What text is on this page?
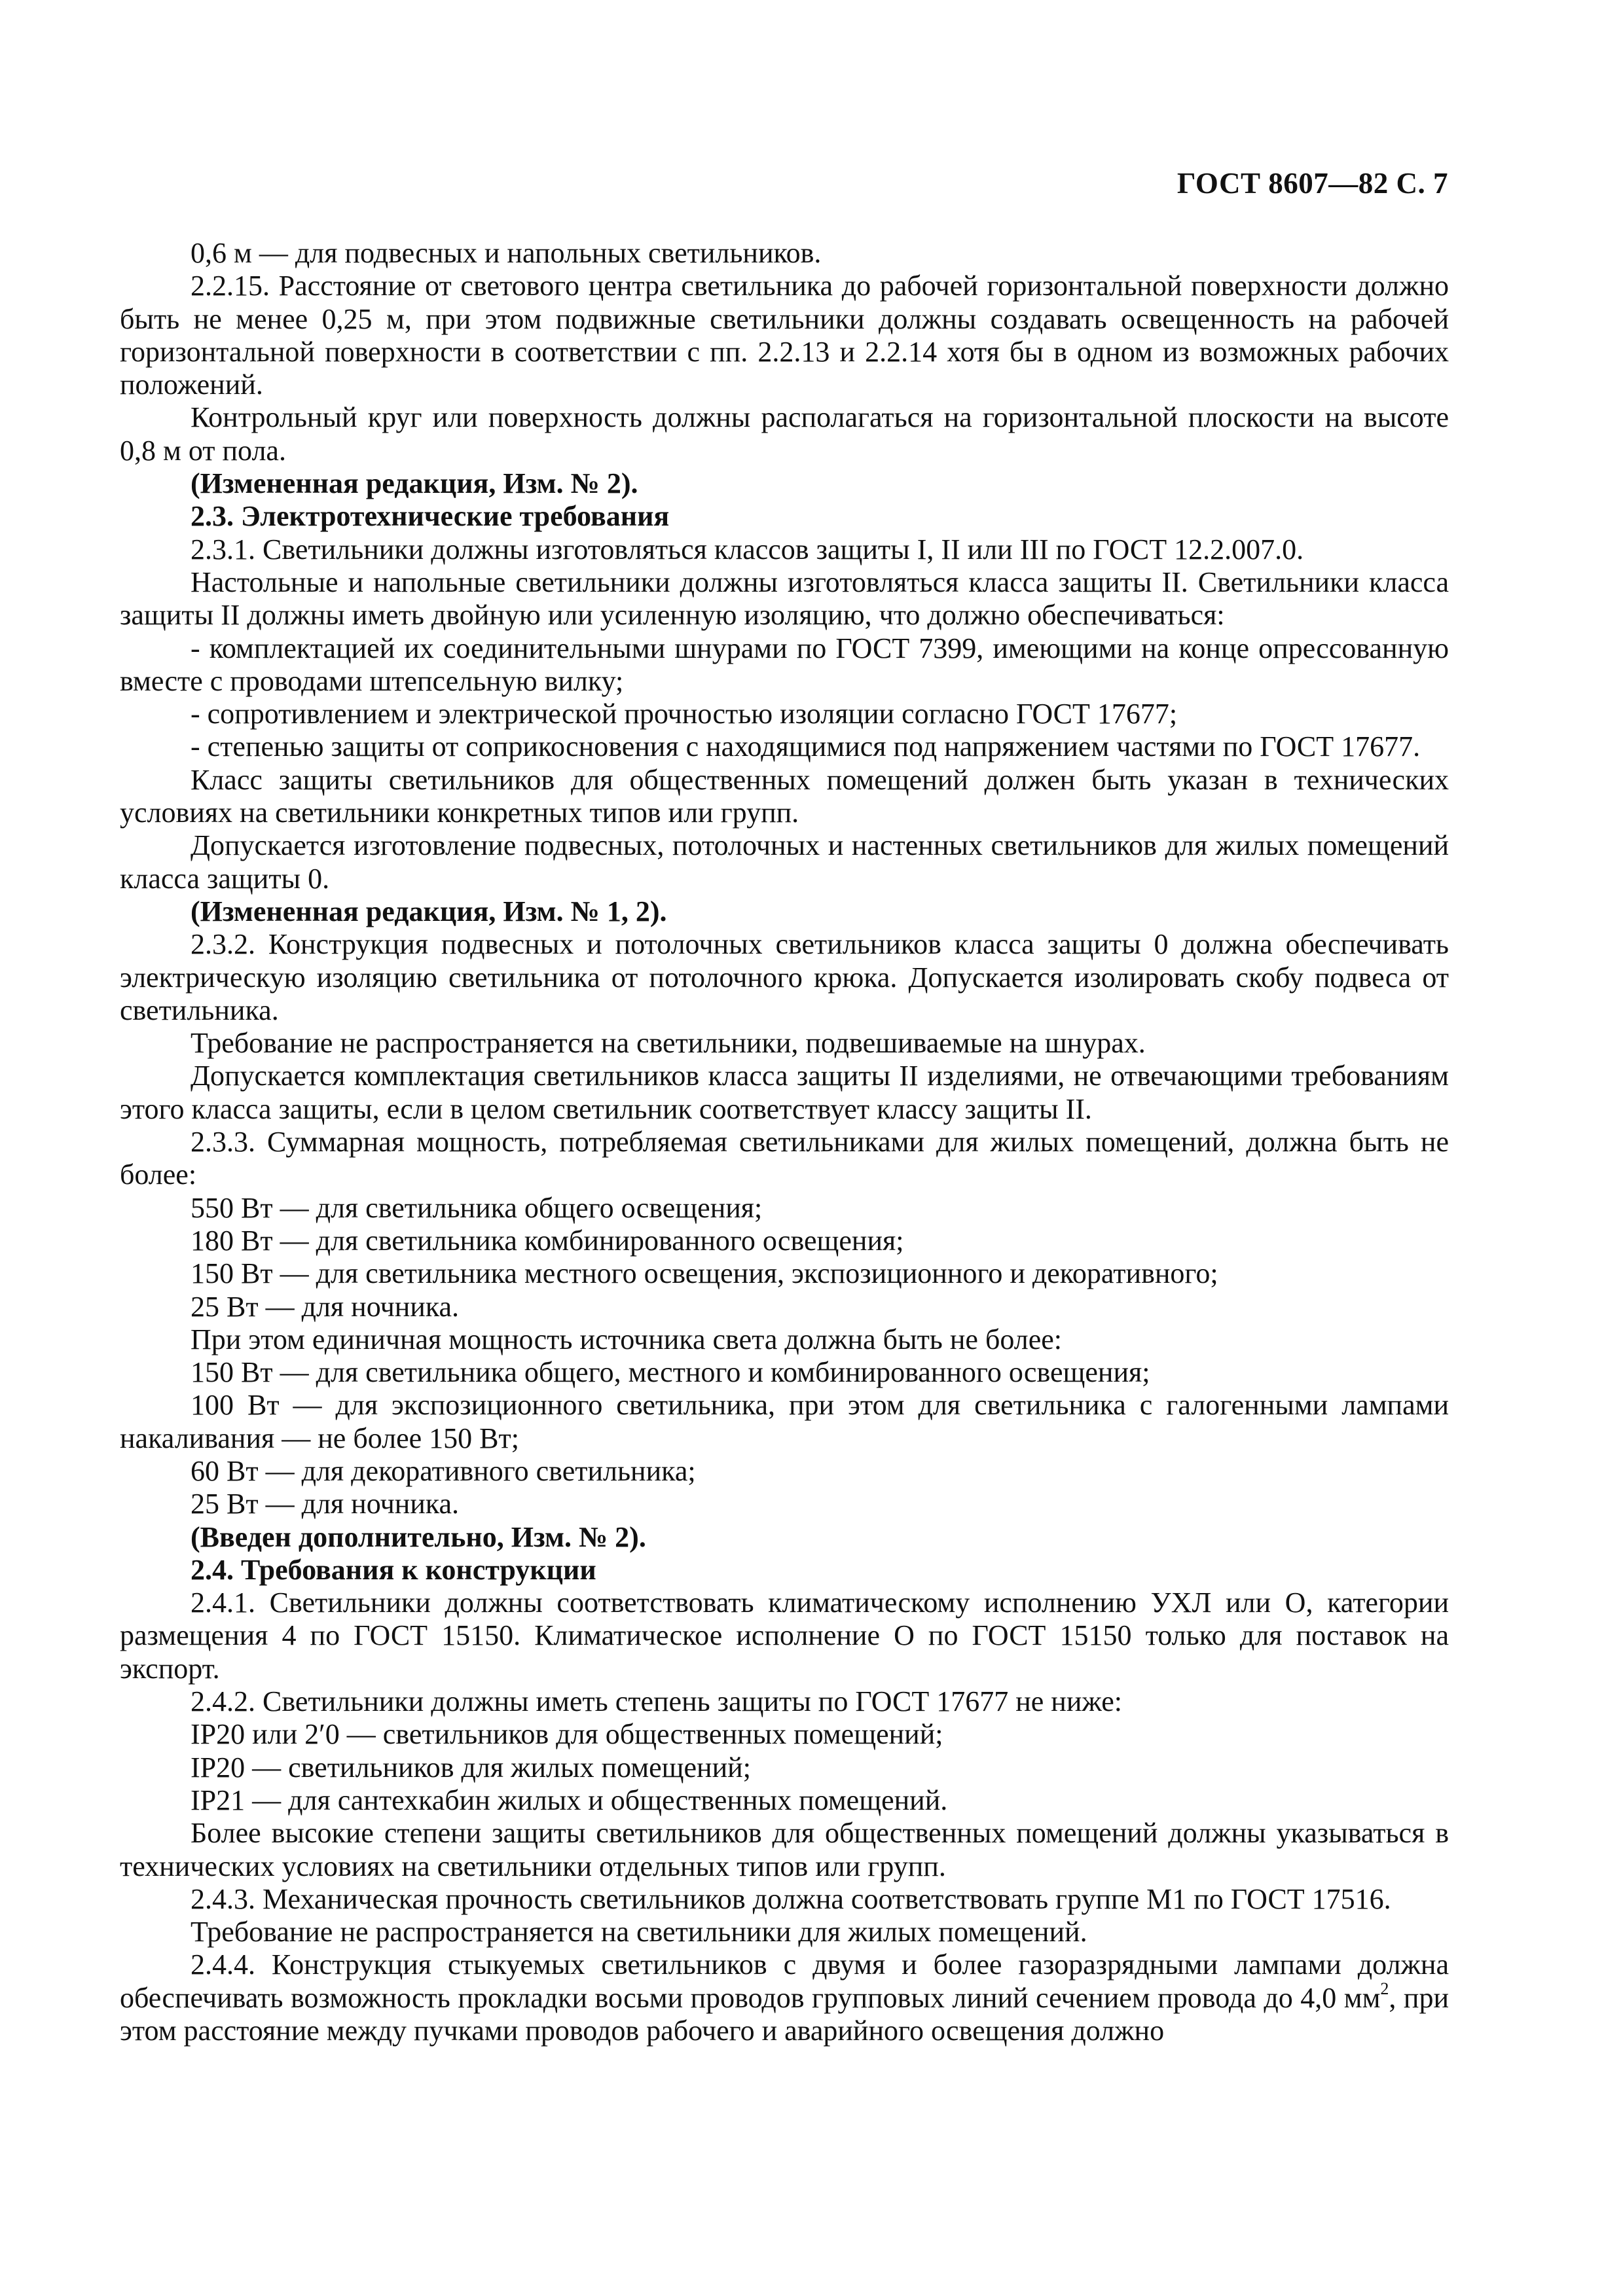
ГОСТ 8607—82 С. 7

0,6 м — для подвесных и напольных светильников.

2.2.15. Расстояние от светового центра светильника до рабочей горизонтальной поверхности должно быть не менее 0,25 м, при этом подвижные светильники должны создавать освещенность на рабочей горизонтальной поверхности в соответствии с пп. 2.2.13 и 2.2.14 хотя бы в одном из возможных рабочих положений.

Контрольный круг или поверхность должны располагаться на горизонтальной плоскости на высоте 0,8 м от пола.

(Измененная редакция, Изм. № 2).

2.3. Электротехнические требования

2.3.1. Светильники должны изготовляться классов защиты I, II или III по ГОСТ 12.2.007.0.

Настольные и напольные светильники должны изготовляться класса защиты II. Светильники класса защиты II должны иметь двойную или усиленную изоляцию, что должно обеспечиваться:

- комплектацией их соединительными шнурами по ГОСТ 7399, имеющими на конце опрессованную вместе с проводами штепсельную вилку;

- сопротивлением и электрической прочностью изоляции согласно ГОСТ 17677;

- степенью защиты от соприкосновения с находящимися под напряжением частями по ГОСТ 17677.

Класс защиты светильников для общественных помещений должен быть указан в технических условиях на светильники конкретных типов или групп.

Допускается изготовление подвесных, потолочных и настенных светильников для жилых помещений класса защиты 0.

(Измененная редакция, Изм. № 1, 2).

2.3.2. Конструкция подвесных и потолочных светильников класса защиты 0 должна обеспечивать электрическую изоляцию светильника от потолочного крюка. Допускается изолировать скобу подвеса от светильника.

Требование не распространяется на светильники, подвешиваемые на шнурах.

Допускается комплектация светильников класса защиты II изделиями, не отвечающими требованиям этого класса защиты, если в целом светильник соответствует классу защиты II.

2.3.3. Суммарная мощность, потребляемая светильниками для жилых помещений, должна быть не более:

550 Вт — для светильника общего освещения;

180 Вт — для светильника комбинированного освещения;

150 Вт — для светильника местного освещения, экспозиционного и декоративного;

25 Вт — для ночника.

При этом единичная мощность источника света должна быть не более:

150 Вт — для светильника общего, местного и комбинированного освещения;

100 Вт — для экспозиционного светильника, при этом для светильника с галогенными лампами накаливания — не более 150 Вт;

60 Вт — для декоративного светильника;

25 Вт — для ночника.

(Введен дополнительно, Изм. № 2).

2.4. Требования к конструкции

2.4.1. Светильники должны соответствовать климатическому исполнению УХЛ или О, категории размещения 4 по ГОСТ 15150. Климатическое исполнение О по ГОСТ 15150 только для поставок на экспорт.

2.4.2. Светильники должны иметь степень защиты по ГОСТ 17677 не ниже:

IP20 или 2′0 — светильников для общественных помещений;

IP20 — светильников для жилых помещений;

IP21 — для сантехкабин жилых и общественных помещений.

Более высокие степени защиты светильников для общественных помещений должны указываться в технических условиях на светильники отдельных типов или групп.

2.4.3. Механическая прочность светильников должна соответствовать группе М1 по ГОСТ 17516.

Требование не распространяется на светильники для жилых помещений.

2.4.4. Конструкция стыкуемых светильников с двумя и более газоразрядными лампами должна обеспечивать возможность прокладки восьми проводов групповых линий сечением провода до 4,0 $мм^2$, при этом расстояние между пучками проводов рабочего и аварийного освещения должно
